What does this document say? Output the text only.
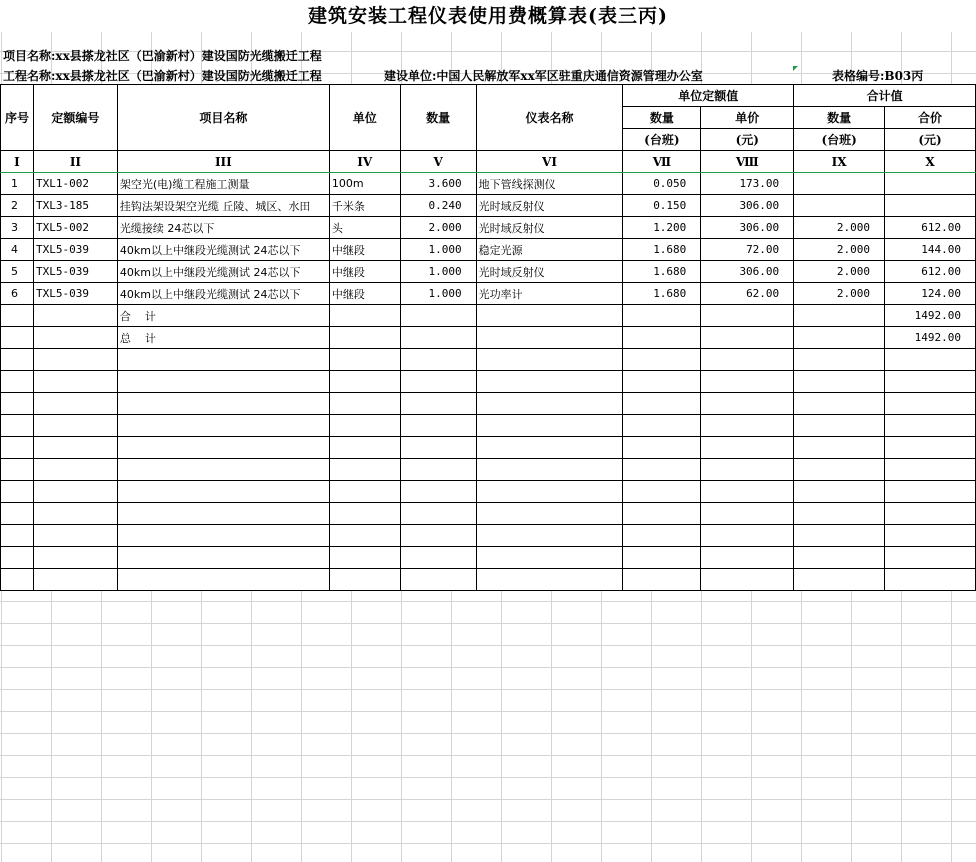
建筑安装工程仪表使用费概算表(表三丙)
项目名称:xx县搽龙社区（巴渝新村）建设国防光缆搬迁工程
工程名称:xx县搽龙社区（巴渝新村）建设国防光缆搬迁工程	建设单位:中国人民解放军xx军区驻重庆通信资源管理办公室	表格编号:B03丙
序号	定额编号	项目名称	单位	数量	仪表名称	单位定额值		合计值	
						数量	单价	数量	合价
						(台班)	(元)	(台班)	(元)
I	II	III	IV	V	VI	Ⅶ	Ⅷ	IX	X
1	TXL1-002	架空光(电)缆工程施工测量	100m	3.600	地下管线探测仪	0.050	173.00		
2	TXL3-185	挂钩法架设架空光缆 丘陵、城区、水田	千米条	0.240	光时域反射仪	0.150	306.00		
3	TXL5-002	光缆接续 24芯以下	头	2.000	光时域反射仪	1.200	306.00	2.000	612.00
4	TXL5-039	40km以上中继段光缆测试 24芯以下	中继段	1.000	稳定光源	1.680	72.00	2.000	144.00
5	TXL5-039	40km以上中继段光缆测试 24芯以下	中继段	1.000	光时域反射仪	1.680	306.00	2.000	612.00
6	TXL5-039	40km以上中继段光缆测试 24芯以下	中继段	1.000	光功率计	1.680	62.00	2.000	124.00
		合    计							1492.00
		总    计							1492.00
